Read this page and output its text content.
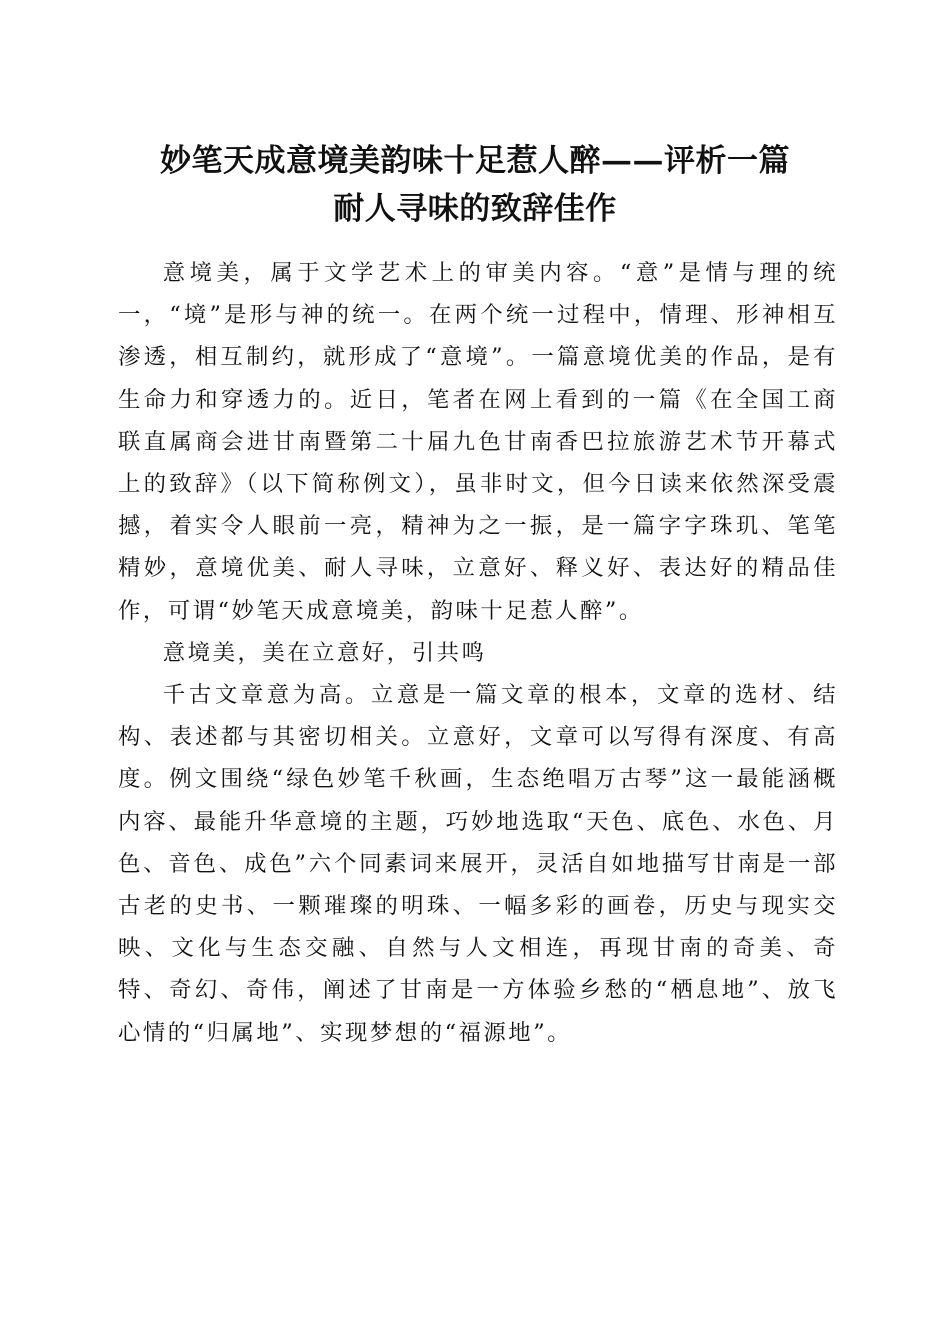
妙笔天成意境美韵味十足惹人醉——评析一篇
耐人寻味的致辞佳作

意境美，属于文学艺术上的审美内容。“意”是情与理的统一，“境”是形与神的统一。在两个统一过程中，情理、形神相互渗透，相互制约，就形成了“意境”。一篇意境优美的作品，是有生命力和穿透力的。近日，笔者在网上看到的一篇《在全国工商联直属商会进甘南暨第二十届九色甘南香巴拉旅游艺术节开幕式上的致辞》（以下简称例文），虽非时文，但今日读来依然深受震撼，着实令人眼前一亮，精神为之一振，是一篇字字珠玑、笔笔精妙，意境优美、耐人寻味，立意好、释义好、表达好的精品佳作，可谓“妙笔天成意境美，韵味十足惹人醉”。

意境美，美在立意好，引共鸣

千古文章意为高。立意是一篇文章的根本，文章的选材、结构、表述都与其密切相关。立意好，文章可以写得有深度、有高度。例文围绕“绿色妙笔千秋画，生态绝唱万古琴”这一最能涵概内容、最能升华意境的主题，巧妙地选取“天色、底色、水色、月色、音色、成色”六个同素词来展开，灵活自如地描写甘南是一部古老的史书、一颗璀璨的明珠、一幅多彩的画卷，历史与现实交映、文化与生态交融、自然与人文相连，再现甘南的奇美、奇特、奇幻、奇伟，阐述了甘南是一方体验乡愁的“栖息地”、放飞心情的“归属地”、实现梦想的“福源地”。
